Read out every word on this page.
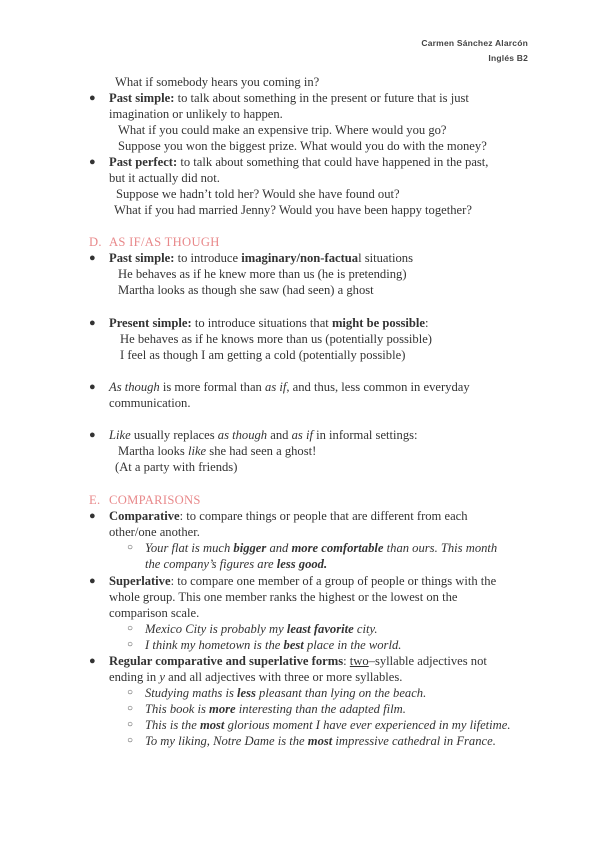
Carmen Sánchez Alarcón
Inglés B2
What if somebody hears you coming in?
● Past simple: to talk about something in the present or future that is just
imagination or unlikely to happen.
What if you could make an expensive trip. Where would you go?
Suppose you won the biggest prize. What would you do with the money?
● Past perfect: to talk about something that could have happened in the past,
but it actually did not.
Suppose we hadn’t told her? Would she have found out?
What if you had married Jenny? Would you have been happy together?
D. AS IF/AS THOUGH
● Past simple: to introduce imaginary/non-factual situations
He behaves as if he knew more than us (he is pretending)
Martha looks as though she saw (had seen) a ghost
● Present simple: to introduce situations that might be possible:
He behaves as if he knows more than us (potentially possible)
I feel as though I am getting a cold (potentially possible)
● As though is more formal than as if, and thus, less common in everyday
communication.
● Like usually replaces as though and as if in informal settings:
Martha looks like she had seen a ghost!
(At a party with friends)
E. COMPARISONS
● Comparative: to compare things or people that are different from each
other/one another.
○ Your flat is much bigger and more comfortable than ours. This month
the company’s figures are less good.
● Superlative: to compare one member of a group of people or things with the
whole group. This one member ranks the highest or the lowest on the
comparison scale.
○ Mexico City is probably my least favorite city.
○ I think my hometown is the best place in the world.
● Regular comparative and superlative forms: two–syllable adjectives not
ending in y and all adjectives with three or more syllables.
○ Studying maths is less pleasant than lying on the beach.
○ This book is more interesting than the adapted film.
○ This is the most glorious moment I have ever experienced in my lifetime.
○ To my liking, Notre Dame is the most impressive cathedral in France.
